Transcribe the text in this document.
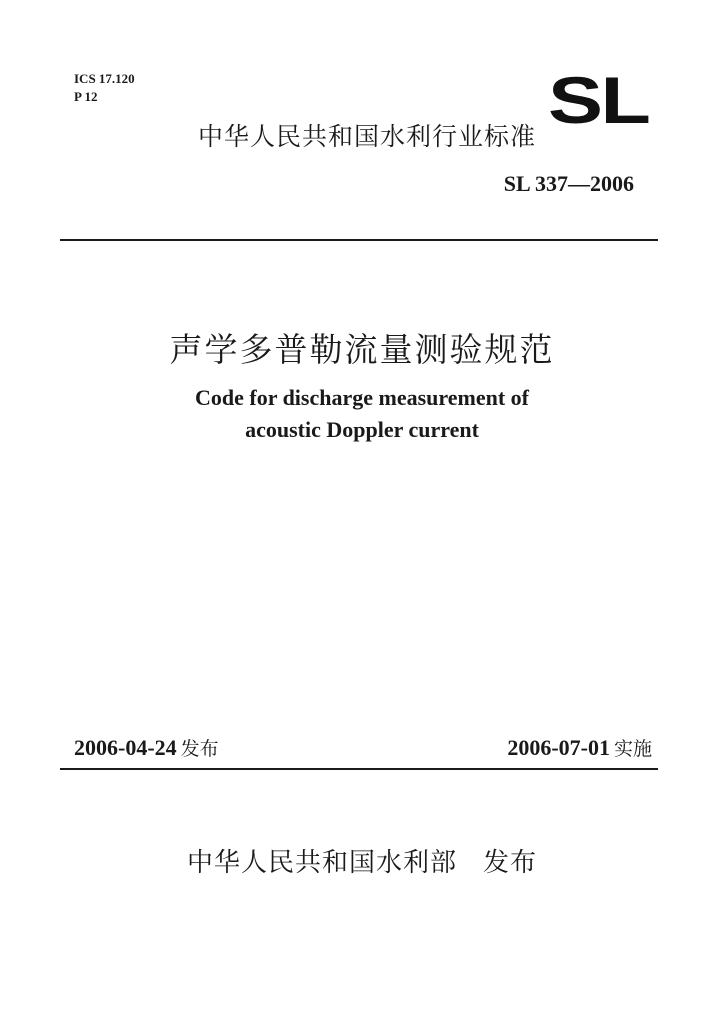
ICS 17.120
P 12	SL
中华人民共和国水利行业标准
SL 337—2006
声学多普勒流量测验规范
Code for discharge measurement of
acoustic Doppler current
2006-04-24 发布	2006-07-01 实施
中华人民共和国水利部 发布
